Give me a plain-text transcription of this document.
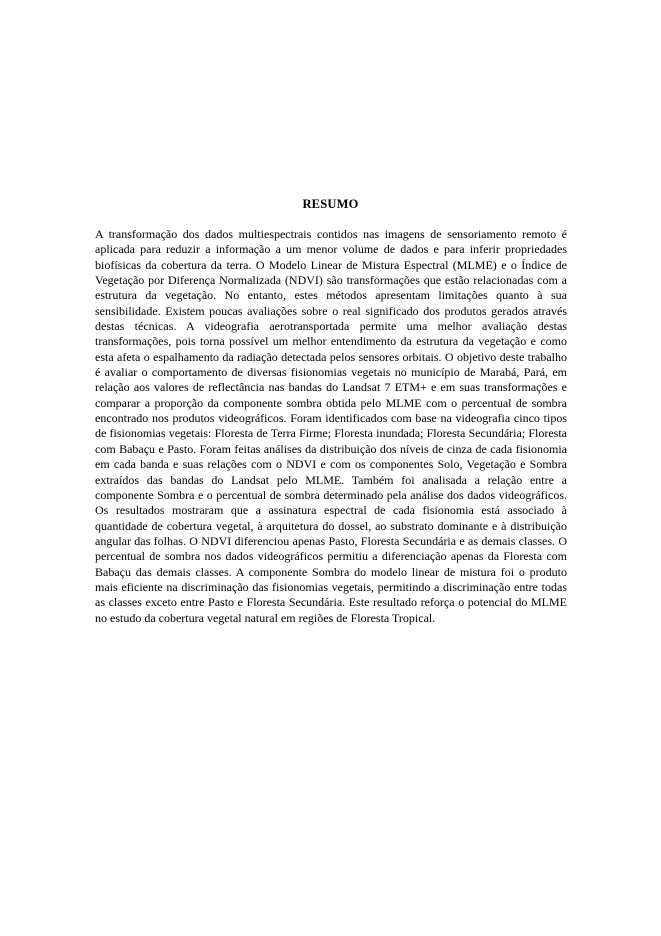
RESUMO

A transformação dos dados multiespectrais contidos nas imagens de sensoriamento remoto é aplicada para reduzir a informação a um menor volume de dados e para inferir propriedades biofísicas da cobertura da terra. O Modelo Linear de Mistura Espectral (MLME) e o Índice de Vegetação por Diferença Normalizada (NDVI) são transformações que estão relacionadas com a estrutura da vegetação. No entanto, estes métodos apresentam limitações quanto à sua sensibilidade. Existem poucas avaliações sobre o real significado dos produtos gerados através destas técnicas. A videografia aerotransportada permite uma melhor avaliação destas transformações, pois torna possível um melhor entendimento da estrutura da vegetação e como esta afeta o espalhamento da radiação detectada pelos sensores orbitais. O objetivo deste trabalho é avaliar o comportamento de diversas fisionomias vegetais no município de Marabá, Pará, em relação aos valores de reflectância nas bandas do Landsat 7 ETM+ e em suas transformações e comparar a proporção da componente sombra obtida pelo MLME com o percentual de sombra encontrado nos produtos videográficos. Foram identificados com base na videografia cinco tipos de fisionomias vegetais: Floresta de Terra Firme; Floresta inundada; Floresta Secundária; Floresta com Babaçu e Pasto. Foram feitas análises da distribuição dos níveis de cinza de cada fisionomia em cada banda e suas relações com o NDVI e com os componentes Solo, Vegetação e Sombra extraídos das bandas do Landsat pelo MLME. Também foi analisada a relação entre a componente Sombra e o percentual de sombra determinado pela análise dos dados videográficos. Os resultados mostraram que a assinatura espectral de cada fisionomia está associado à quantidade de cobertura vegetal, à arquitetura do dossel, ao substrato dominante e à distribuição angular das folhas. O NDVI diferenciou apenas Pasto, Floresta Secundária e as demais classes. O percentual de sombra nos dados videográficos permitiu a diferenciação apenas da Floresta com Babaçu das demais classes. A componente Sombra do modelo linear de mistura foi o produto mais eficiente na discriminação das fisionomias vegetais, permitindo a discriminação entre todas as classes exceto entre Pasto e Floresta Secundária. Este resultado reforça o potencial do MLME no estudo da cobertura vegetal natural em regiões de Floresta Tropical.
